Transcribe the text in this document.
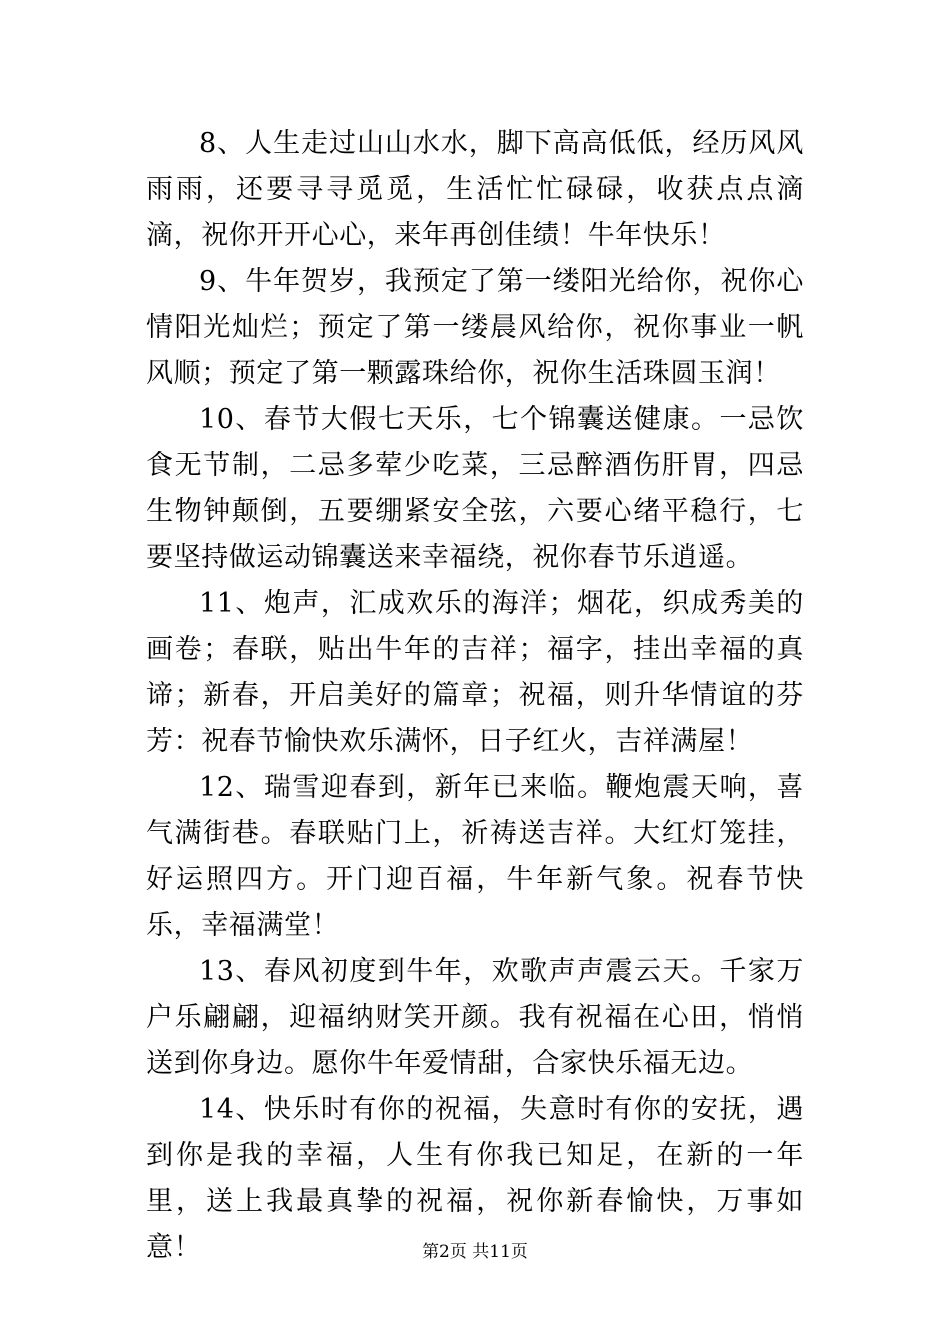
8、人生走过山山水水，脚下高高低低，经历风风雨雨，还要寻寻觅觅，生活忙忙碌碌，收获点点滴滴，祝你开开心心，来年再创佳绩！牛年快乐！

9、牛年贺岁，我预定了第一缕阳光给你，祝你心情阳光灿烂；预定了第一缕晨风给你，祝你事业一帆风顺；预定了第一颗露珠给你，祝你生活珠圆玉润！

10、春节大假七天乐，七个锦囊送健康。一忌饮食无节制，二忌多荤少吃菜，三忌醉酒伤肝胃，四忌生物钟颠倒，五要绷紧安全弦，六要心绪平稳行，七要坚持做运动锦囊送来幸福绕，祝你春节乐逍遥。

11、炮声，汇成欢乐的海洋；烟花，织成秀美的画卷；春联，贴出牛年的吉祥；福字，挂出幸福的真谛；新春，开启美好的篇章；祝福，则升华情谊的芬芳：祝春节愉快欢乐满怀，日子红火，吉祥满屋！

12、瑞雪迎春到，新年已来临。鞭炮震天响，喜气满街巷。春联贴门上，祈祷送吉祥。大红灯笼挂，好运照四方。开门迎百福，牛年新气象。祝春节快乐，幸福满堂！

13、春风初度到牛年，欢歌声声震云天。千家万户乐翩翩，迎福纳财笑开颜。我有祝福在心田，悄悄送到你身边。愿你牛年爱情甜，合家快乐福无边。

14、快乐时有你的祝福，失意时有你的安抚，遇到你是我的幸福，人生有你我已知足，在新的一年里，送上我最真挚的祝福，祝你新春愉快，万事如意！	第2页 共11页
